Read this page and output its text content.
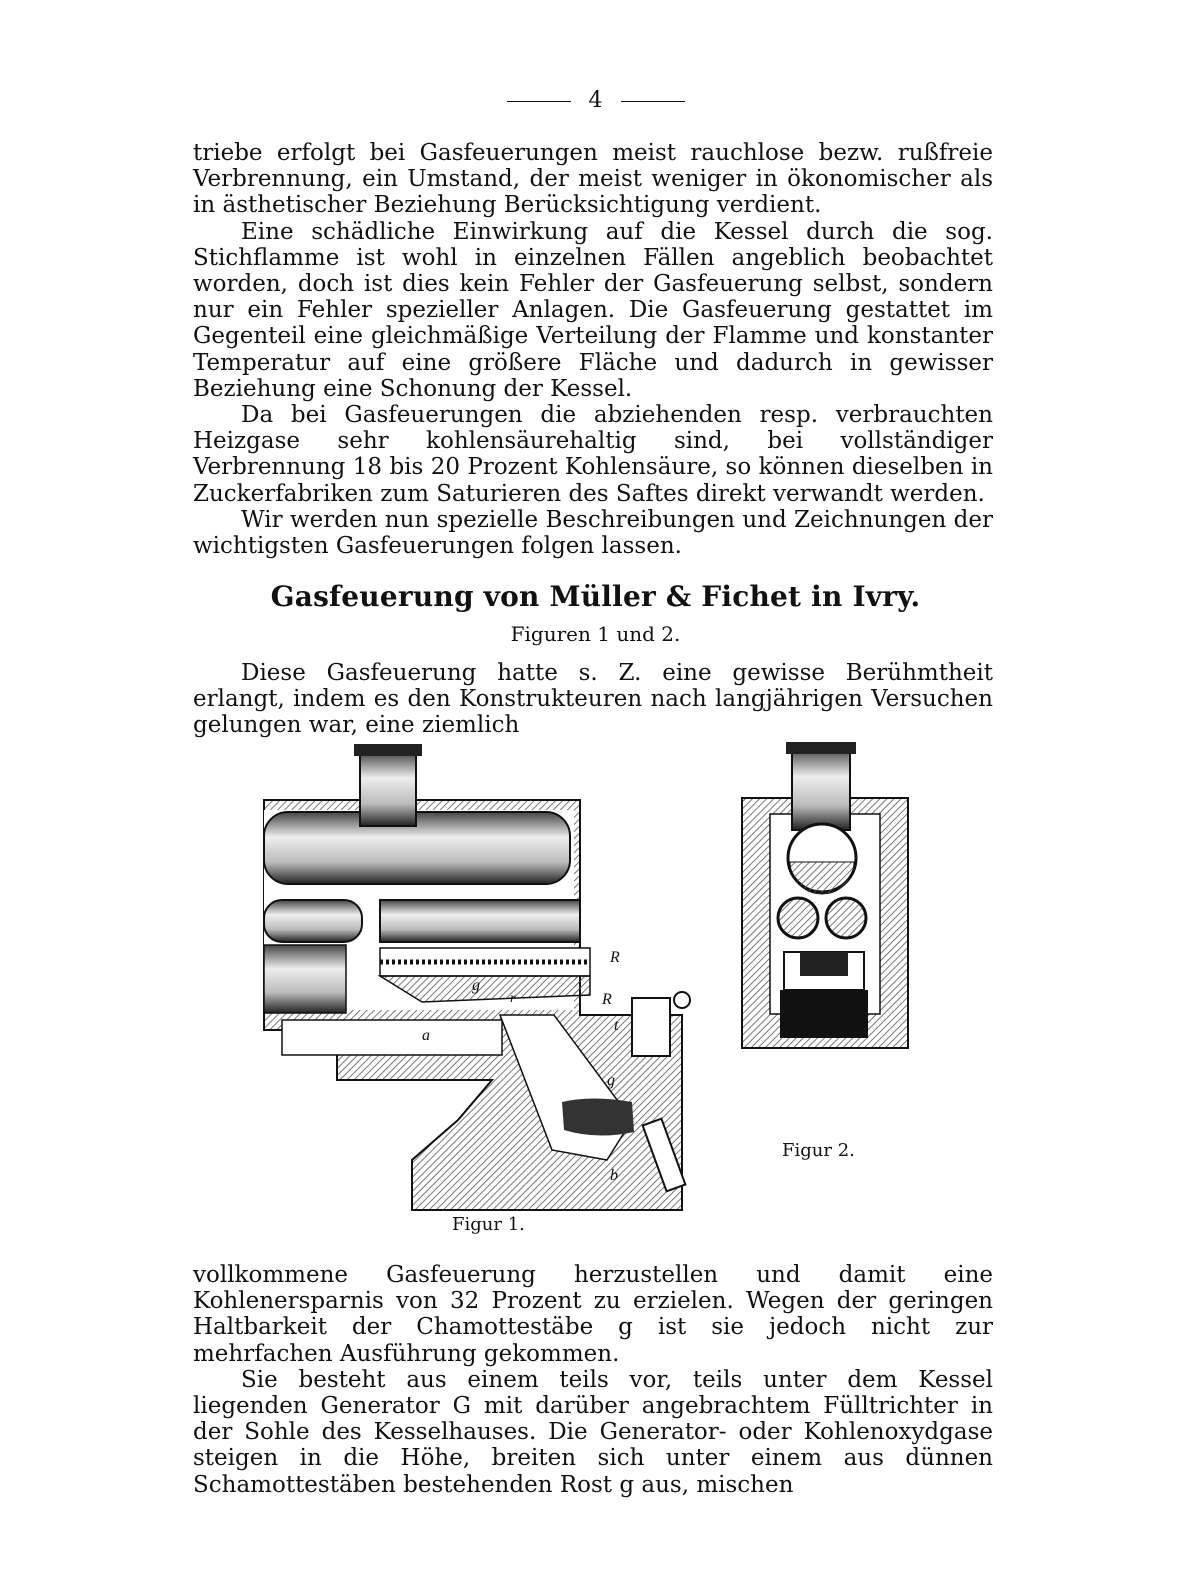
4

triebe erfolgt bei Gasfeuerungen meist rauchlose bezw. rußfreie Verbrennung, ein Umstand, der meist weniger in ökonomischer als in ästhetischer Beziehung Berücksichtigung verdient.

Eine schädliche Einwirkung auf die Kessel durch die sog. Stichflamme ist wohl in einzelnen Fällen angeblich beobachtet worden, doch ist dies kein Fehler der Gasfeuerung selbst, sondern nur ein Fehler spezieller Anlagen. Die Gasfeuerung gestattet im Gegenteil eine gleichmäßige Verteilung der Flamme und konstanter Temperatur auf eine größere Fläche und dadurch in gewisser Beziehung eine Schonung der Kessel.

Da bei Gasfeuerungen die abziehenden resp. verbrauchten Heizgase sehr kohlensäurehaltig sind, bei vollständiger Verbrennung 18 bis 20 Prozent Kohlensäure, so können dieselben in Zuckerfabriken zum Saturieren des Saftes direkt verwandt werden.

Wir werden nun spezielle Beschreibungen und Zeichnungen der wichtigsten Gasfeuerungen folgen lassen.

Gasfeuerung von Müller & Fichet in Ivry.
Figuren 1 und 2.

Diese Gasfeuerung hatte s. Z. eine gewisse Berühmtheit erlangt, indem es den Konstrukteuren nach langjährigen Versuchen gelungen war, eine ziemlich

R
R
g
r
t
a
g
b
Figur 1.
Figur 2.

vollkommene Gasfeuerung herzustellen und damit eine Kohlenersparnis von 32 Prozent zu erzielen. Wegen der geringen Haltbarkeit der Chamottestäbe g ist sie jedoch nicht zur mehrfachen Ausführung gekommen.

Sie besteht aus einem teils vor, teils unter dem Kessel liegenden Generator G mit darüber angebrachtem Fülltrichter in der Sohle des Kesselhauses. Die Generator- oder Kohlenoxydgase steigen in die Höhe, breiten sich unter einem aus dünnen Schamottestäben bestehenden Rost g aus, mischen
